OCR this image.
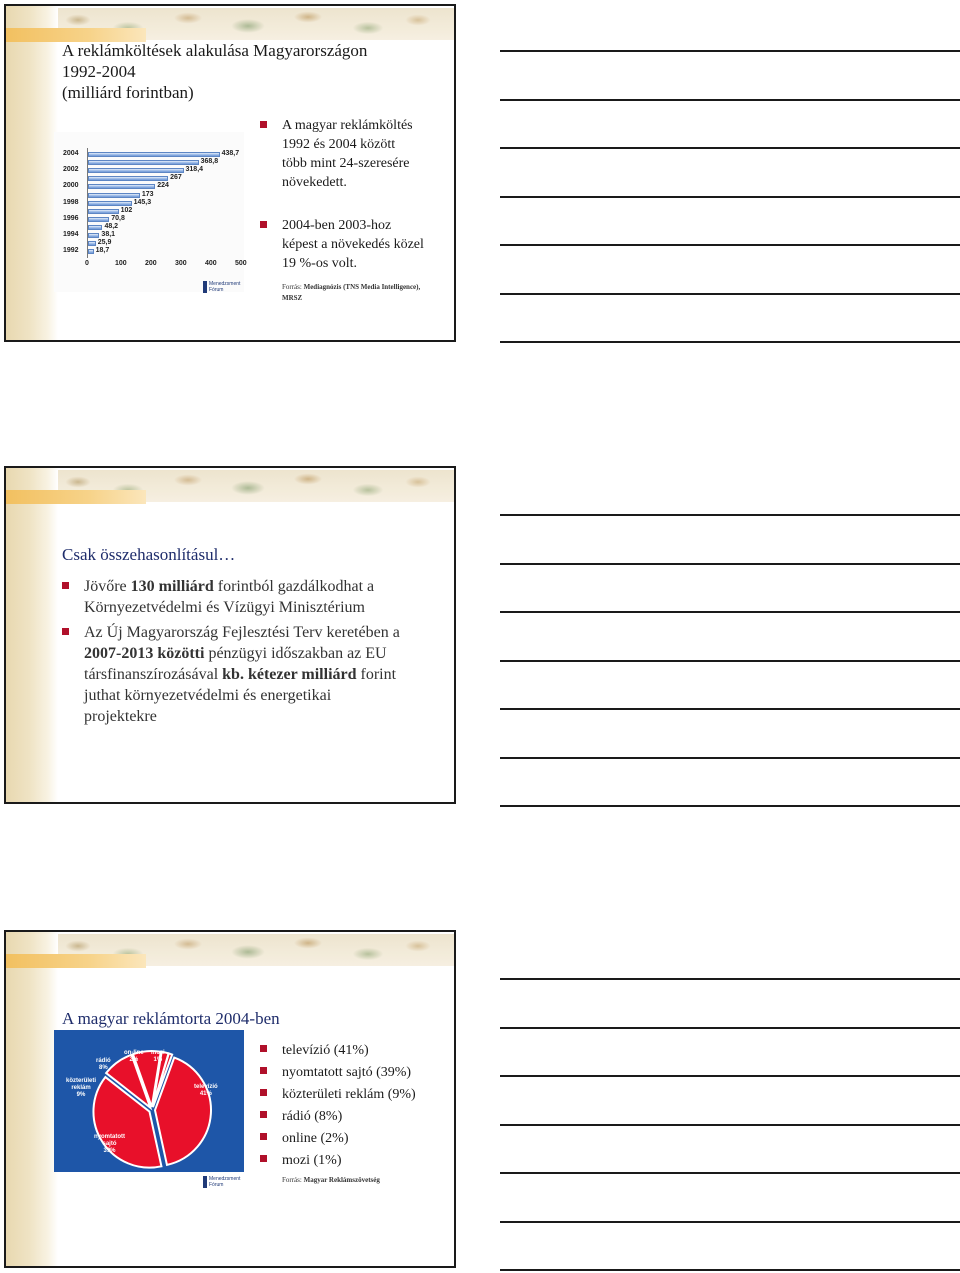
A reklámköltések alakulása Magyarországon
1992-2004
(milliárd forintban)
438,7
368,8
318,4
267
224
173
145,3
102
70,8
48,2
38,1
25,9
18,7
2004
2002
2000
1998
1996
1994
1992
0	100	200	300	400	500
Menedzsment
Fórum
A magyar reklámköltés
1992 és 2004 között
több mint 24-szeresére
növekedett.
2004-ben 2003-hoz
képest a növekedés közel
19 %-os volt.
Forrás: Mediagnózis (TNS Media Intelligence),
MRSZ
Csak összehasonlításul…
Jövőre 130 milliárd forintból gazdálkodhat a
Környezetvédelmi és Vízügyi Minisztérium
Az Új Magyarország Fejlesztési Terv keretében a
2007-2013 közötti pénzügyi időszakban az EU
társfinanszírozásával kb. kétezer milliárd forint
juthat környezetvédelmi és energetikai
projektekre
A magyar reklámtorta 2004-ben
rádió
8%
on-line
2%
mozi
1%
közterületi
reklám
9%
televízió
41%
nyomtatott
sajtó
39%
Menedzsment
Fórum
televízió (41%)
nyomtatott sajtó (39%)
közterületi reklám (9%)
rádió (8%)
online (2%)
mozi (1%)
Forrás: Magyar Reklámszövetség
